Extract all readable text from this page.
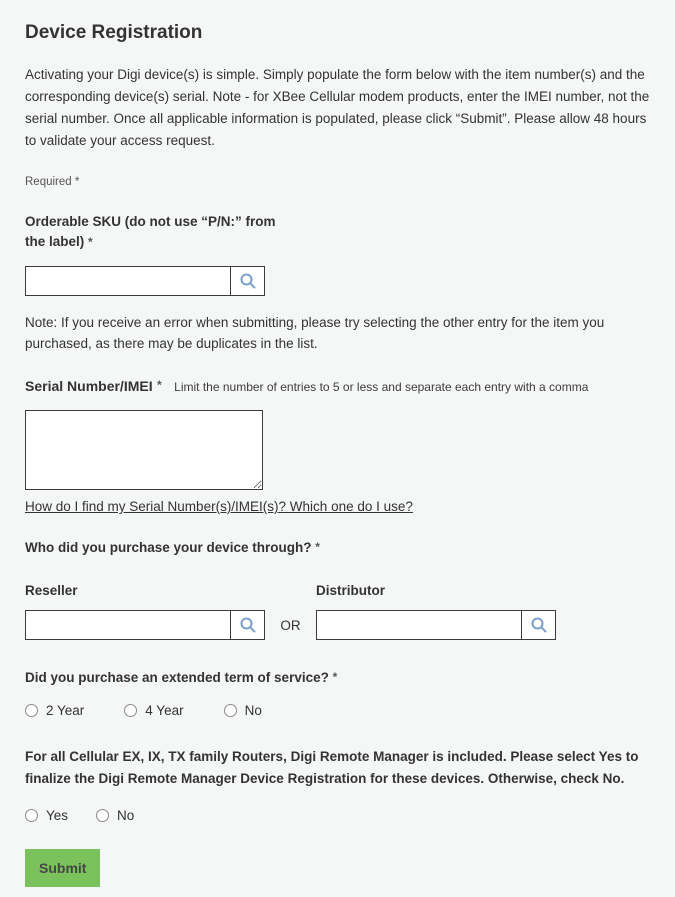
Device Registration

Activating your Digi device(s) is simple. Simply populate the form below with the item number(s) and the corresponding device(s) serial. Note - for XBee Cellular modem products, enter the IMEI number, not the serial number. Once all applicable information is populated, please click “Submit”. Please allow 48 hours to validate your access request.

Required *
Orderable SKU (do not use “P/N:” from the label) *

Note: If you receive an error when submitting, please try selecting the other entry for the item you purchased, as there may be duplicates in the list.

Serial Number/IMEI * Limit the number of entries to 5 or less and separate each entry with a comma
How do I find my Serial Number(s)/IMEI(s)? Which one do I use?
Who did you purchase your device through? *
Reseller
OR
Distributor
Did you purchase an extended term of service? *
2 Year	4 Year	No

For all Cellular EX, IX, TX family Routers, Digi Remote Manager is included. Please select Yes to finalize the Digi Remote Manager Device Registration for these devices. Otherwise, check No.

Yes	No
Submit
